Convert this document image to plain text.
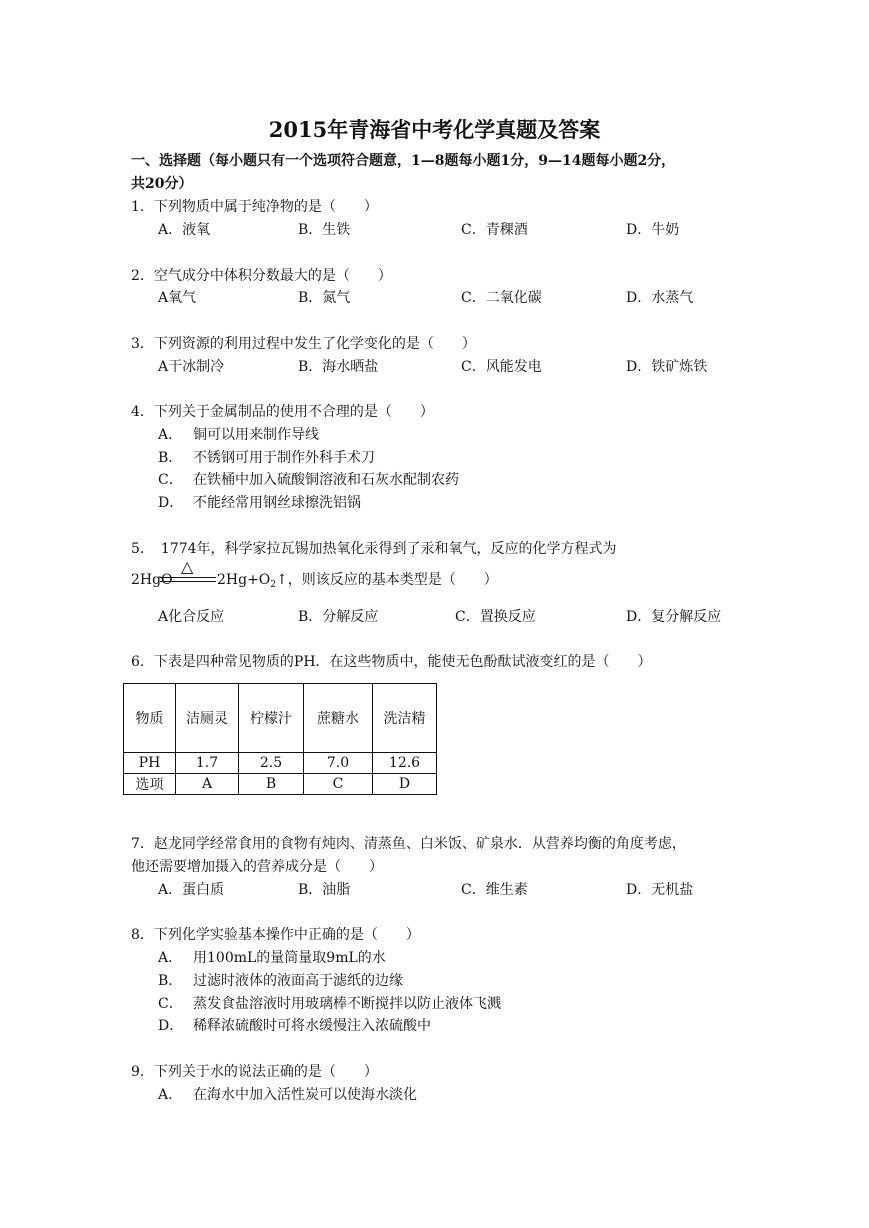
2015年青海省中考化学真题及答案
一、选择题（每小题只有一个选项符合题意，1—8题每小题1分，9—14题每小题2分，
共20分）
1．下列物质中属于纯净物的是（　　）
A．液氧	B．生铁	C．青稞酒	D．牛奶
2．空气成分中体积分数最大的是（　　）
A氧气	B．氮气	C．二氧化碳	D．水蒸气
3．下列资源的利用过程中发生了化学变化的是（　　）
A干冰制冷	B．海水晒盐	C．风能发电	D．铁矿炼铁
4．下列关于金属制品的使用不合理的是（　　）
A． 铜可以用来制作导线
B． 不锈钢可用于制作外科手术刀
C． 在铁桶中加入硫酸铜溶液和石灰水配制农药
D． 不能经常用钢丝球擦洗铝锅
5．　1774年，科学家拉瓦锡加热氧化汞得到了汞和氧气，反应的化学方程式为
2HgO
△
$2Hg+O_2↑$，则该反应的基本类型是（　　）
A化合反应	B．分解反应	C．置换反应	D．复分解反应
6．下表是四种常见物质的PH．在这些物质中，能使无色酚酞试液变红的是（　　）
物质	洁厕灵	柠檬汁	蔗糖水	洗洁精
PH	1.7	2.5	7.0	12.6
选项	A	B	C	D
7．赵龙同学经常食用的食物有炖肉、清蒸鱼、白米饭、矿泉水．从营养均衡的角度考虑，
他还需要增加摄入的营养成分是（　　）
A．蛋白质	B．油脂	C．维生素	D．无机盐
8．下列化学实验基本操作中正确的是（　　）
A． 用100mL的量筒量取9mL的水
B． 过滤时液体的液面高于滤纸的边缘
C． 蒸发食盐溶液时用玻璃棒不断搅拌以防止液体飞溅
D． 稀释浓硫酸时可将水缓慢注入浓硫酸中
9．下列关于水的说法正确的是（　　）
A． 在海水中加入活性炭可以使海水淡化
